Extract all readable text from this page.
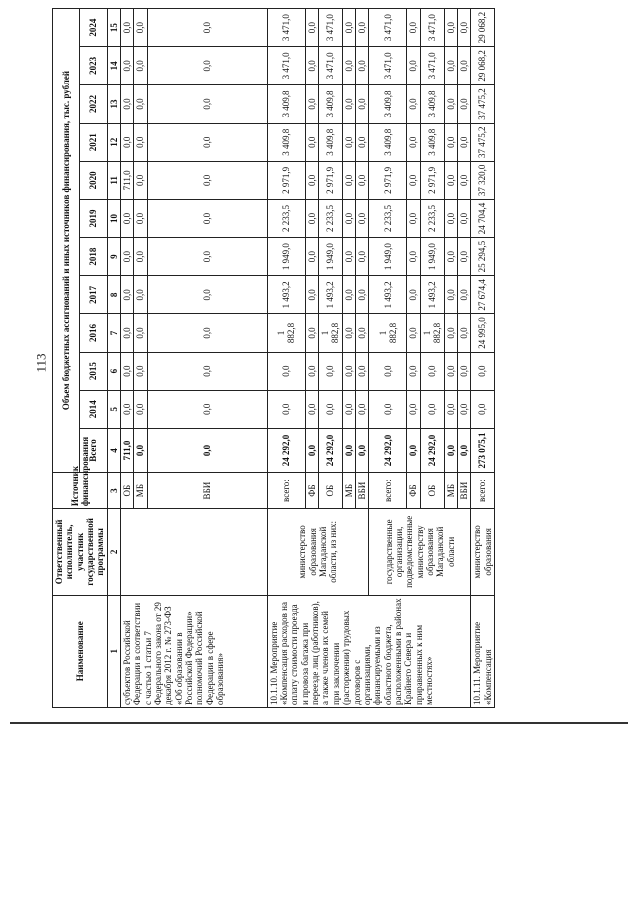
113
Наименование	Ответственный исполнитель, участник государственной программы	Источник финансирования	Объем бюджетных ассигнований и иных источников финансирования, тыс. рублей											
			Всего	2014	2015	2016	2017	2018	2019	2020	2021	2022	2023	2024
1	2	3	4	5	6	7	8	9	10	11	12	13	14	15
субъектов Российской Федерации в соответствии с частью 1 статьи 7 Федерального закона от 29 декабря 2012 г. № 273-ФЗ «Об образовании в Российской Федерации» полномочий Российской Федерации в сфере образования»		ОБ	711,0	0,0	0,0	0,0	0,0	0,0	0,0	711,0	0,0	0,0	0,0	0,0
		МБ	0,0	0,0	0,0	0,0	0,0	0,0	0,0	0,0	0,0	0,0	0,0	0,0
		ВБИ	0,0	0,0	0,0	0,0	0,0	0,0	0,0	0,0	0,0	0,0	0,0	0,0
10.1.10. Мероприятие «Компенсация расходов на оплату стоимости проезда и провоза багажа при переезде лиц (работников), а также членов их семей при заключении (расторжении) трудовых договоров с организациями, финансируемыми из областного бюджета, расположенными в районах Крайнего Севера и приравненных к ним местностях»	министерство образования Магаданской области, из них:	всего:	24 292,0	0,0	0,0	1 882,8	1 493,2	1 949,0	2 233,5	2 971,9	3 409,8	3 409,8	3 471,0	3 471,0
		ФБ	0,0	0,0	0,0	0,0	0,0	0,0	0,0	0,0	0,0	0,0	0,0	0,0
		ОБ	24 292,0	0,0	0,0	1 882,8	1 493,2	1 949,0	2 233,5	2 971,9	3 409,8	3 409,8	3 471,0	3 471,0
		МБ	0,0	0,0	0,0	0,0	0,0	0,0	0,0	0,0	0,0	0,0	0,0	0,0
		ВБИ	0,0	0,0	0,0	0,0	0,0	0,0	0,0	0,0	0,0	0,0	0,0	0,0
	государственные организации, подведомственные министерству образования Магаданской области	всего:	24 292,0	0,0	0,0	1 882,8	1 493,2	1 949,0	2 233,5	2 971,9	3 409,8	3 409,8	3 471,0	3 471,0
		ФБ	0,0	0,0	0,0	0,0	0,0	0,0	0,0	0,0	0,0	0,0	0,0	0,0
		ОБ	24 292,0	0,0	0,0	1 882,8	1 493,2	1 949,0	2 233,5	2 971,9	3 409,8	3 409,8	3 471,0	3 471,0
		МБ	0,0	0,0	0,0	0,0	0,0	0,0	0,0	0,0	0,0	0,0	0,0	0,0
		ВБИ	0,0	0,0	0,0	0,0	0,0	0,0	0,0	0,0	0,0	0,0	0,0	0,0
10.1.11. Мероприятие «Компенсация	министерство образования	всего:	273 075,1	0,0	0,0	24 995,0	27 674,4	25 294,5	24 704,4	37 320,0	37 475,2	37 475,2	29 068,2	29 068,2
